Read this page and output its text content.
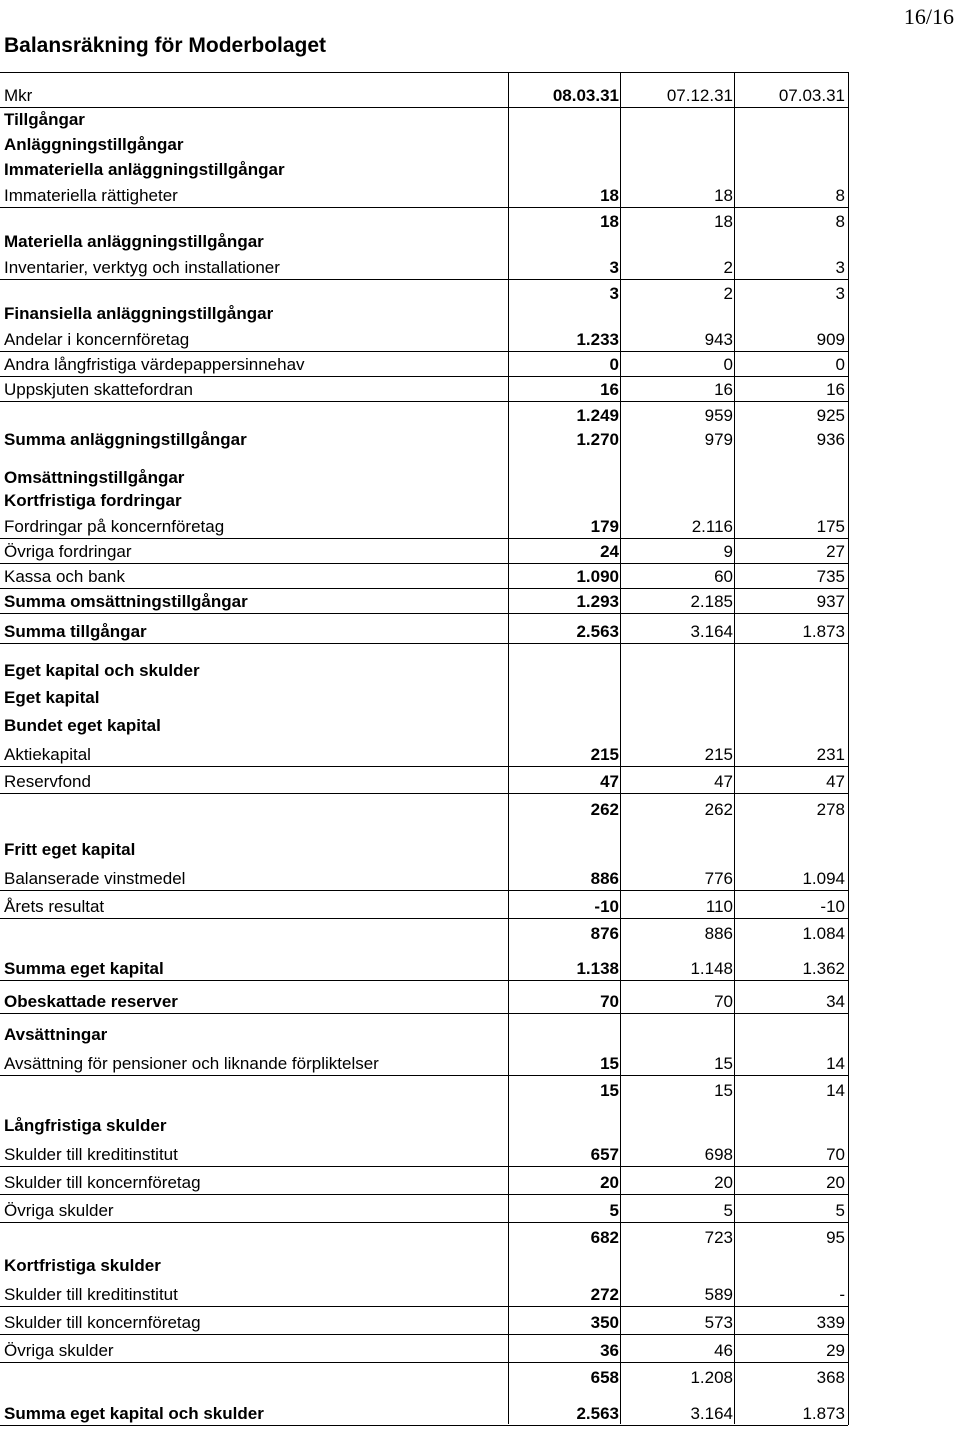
16/16
Balansräkning för Moderbolaget
Mkr	08.03.31	07.12.31	07.03.31
Tillgångar
Anläggningstillgångar
Immateriella anläggningstillgångar
Immateriella rättigheter	18	18	8
18	18	8
Materiella anläggningstillgångar
Inventarier, verktyg och installationer	3	2	3
3	2	3
Finansiella anläggningstillgångar
Andelar i koncernföretag	1.233	943	909
Andra långfristiga värdepappersinnehav	0	0	0
Uppskjuten skattefordran	16	16	16
1.249	959	925
Summa anläggningstillgångar	1.270	979	936
Omsättningstillgångar
Kortfristiga fordringar
Fordringar på koncernföretag	179	2.116	175
Övriga fordringar	24	9	27
Kassa och bank	1.090	60	735
Summa omsättningstillgångar	1.293	2.185	937
Summa tillgångar	2.563	3.164	1.873
Eget kapital och skulder
Eget kapital
Bundet eget kapital
Aktiekapital	215	215	231
Reservfond	47	47	47
262	262	278
Fritt eget kapital
Balanserade vinstmedel	886	776	1.094
Årets resultat	-10	110	-10
876	886	1.084
Summa eget kapital	1.138	1.148	1.362
Obeskattade reserver	70	70	34
Avsättningar
Avsättning för pensioner och liknande förpliktelser	15	15	14
15	15	14
Långfristiga skulder
Skulder till kreditinstitut	657	698	70
Skulder till koncernföretag	20	20	20
Övriga skulder	5	5	5
682	723	95
Kortfristiga skulder
Skulder till kreditinstitut	272	589	-
Skulder till koncernföretag	350	573	339
Övriga skulder	36	46	29
658	1.208	368
Summa eget kapital och skulder	2.563	3.164	1.873
